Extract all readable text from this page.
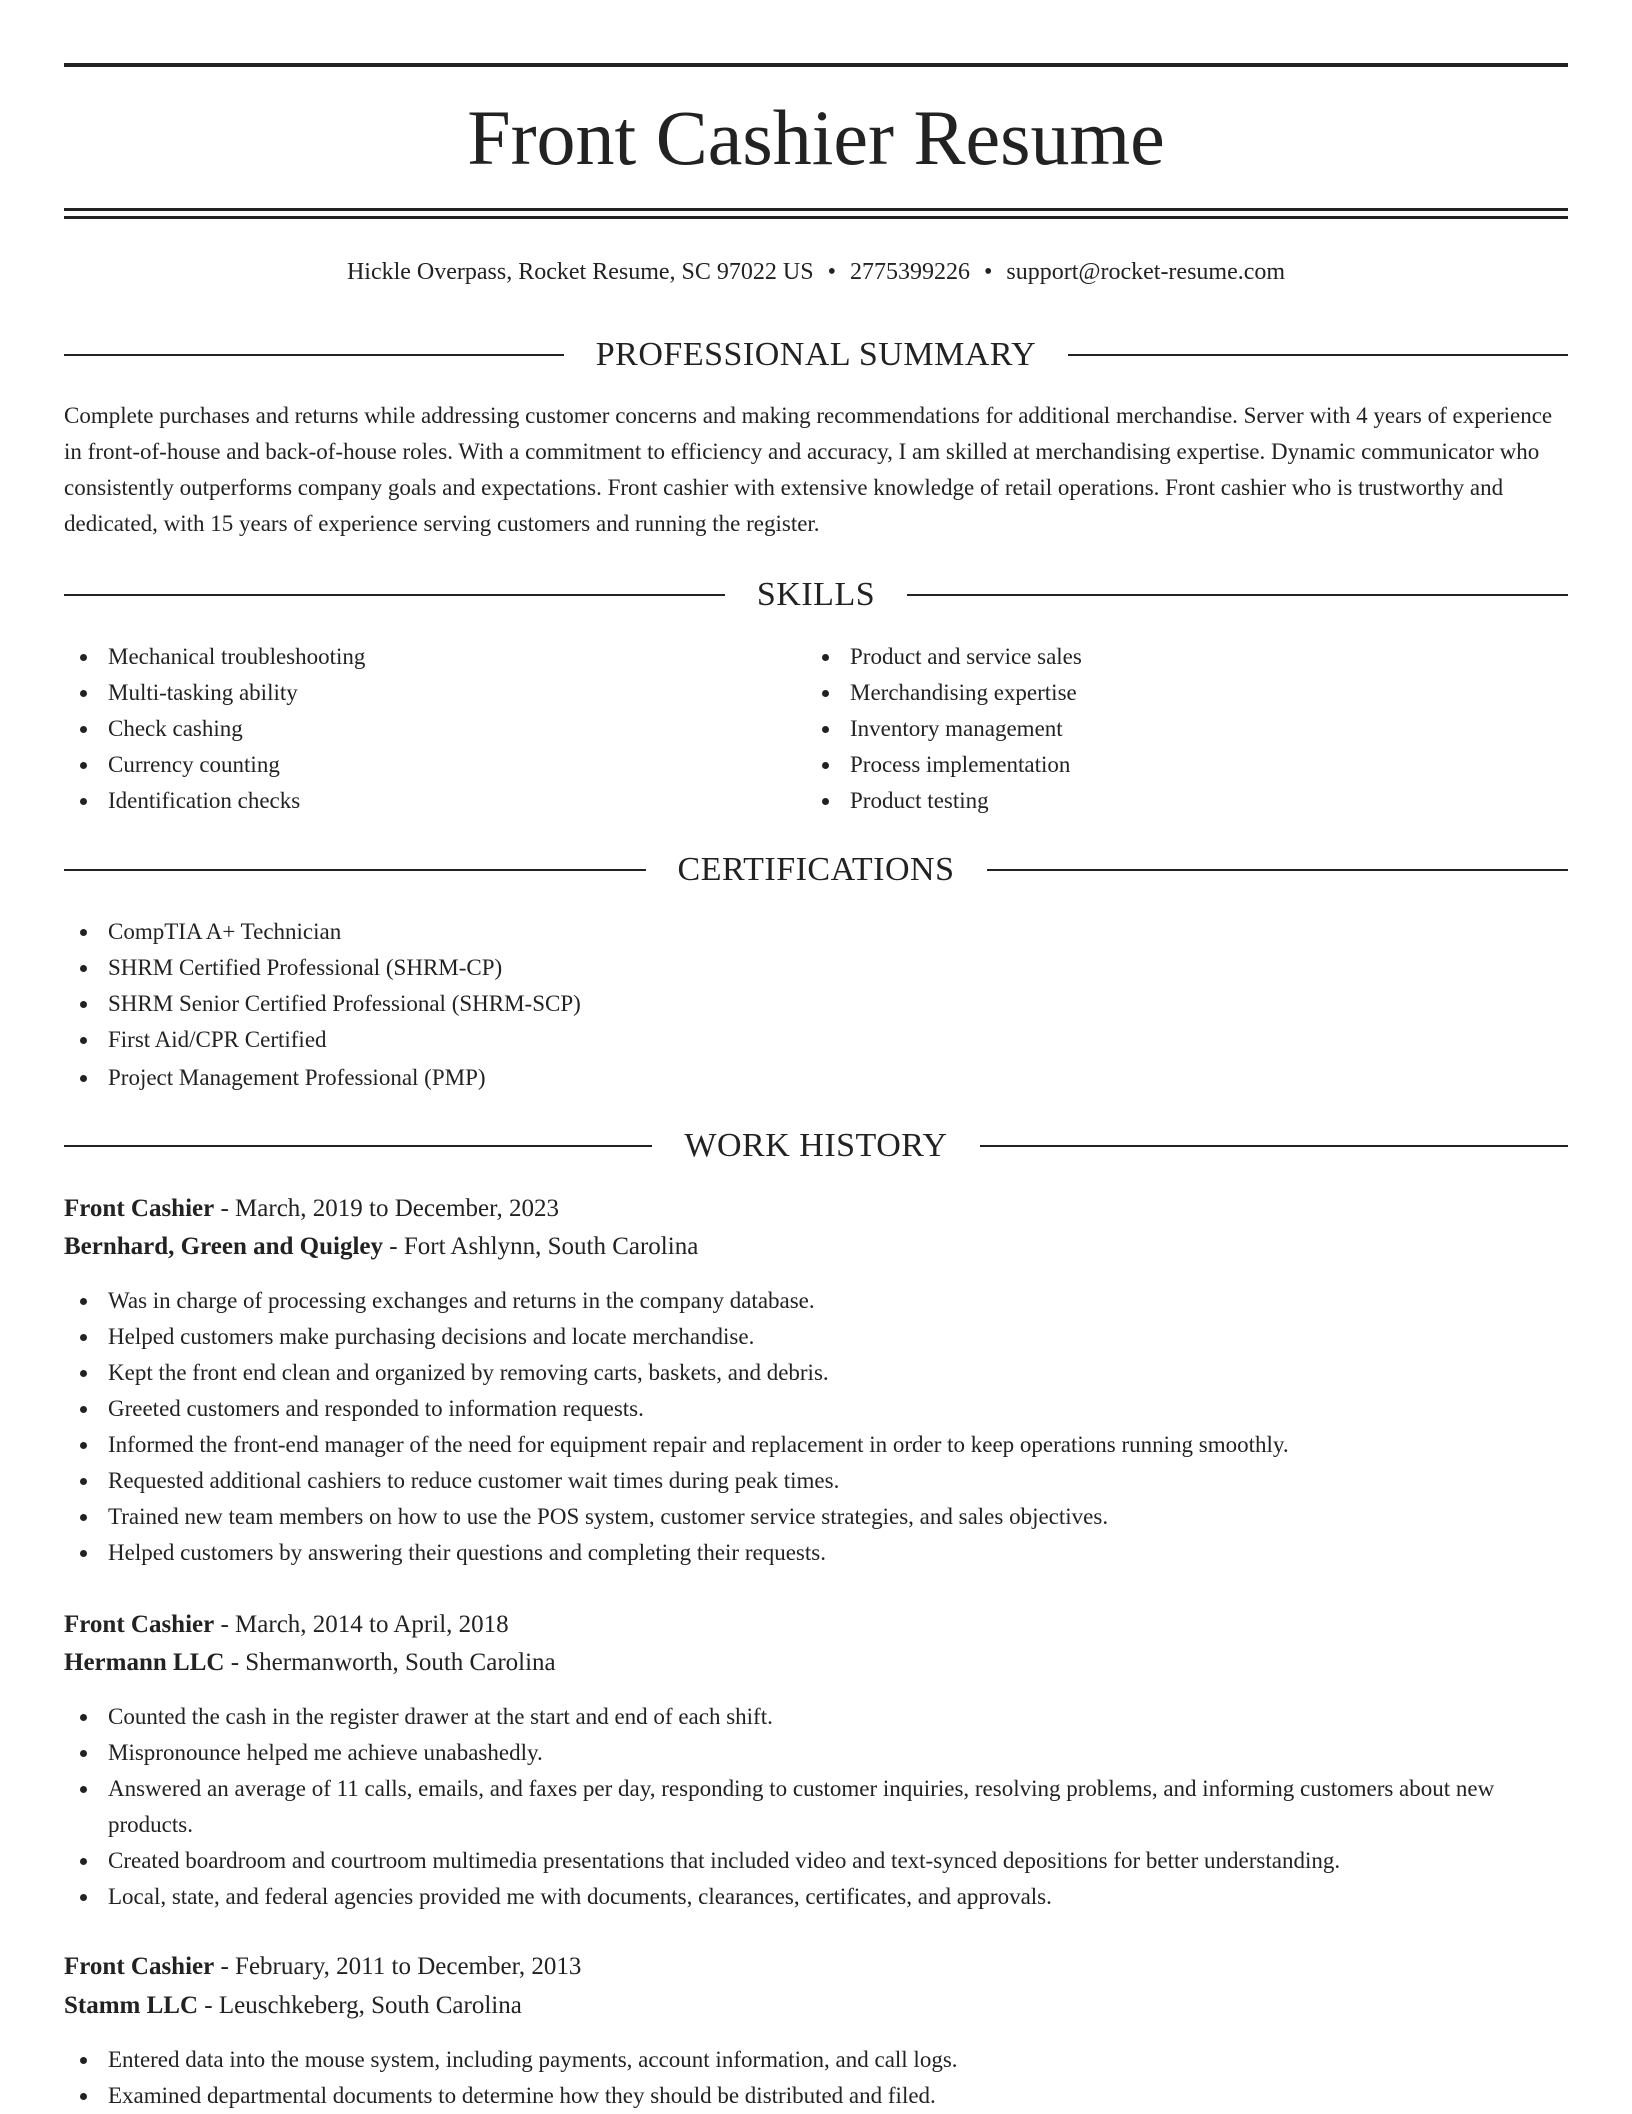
Front Cashier Resume
Hickle Overpass, Rocket Resume, SC 97022 US • 2775399226 • support@rocket-resume.com
PROFESSIONAL SUMMARY

Complete purchases and returns while addressing customer concerns and making recommendations for additional merchandise. Server with 4 years of experience in front-of-house and back-of-house roles. With a commitment to efficiency and accuracy, I am skilled at merchandising expertise. Dynamic communicator who consistently outperforms company goals and expectations. Front cashier with extensive knowledge of retail operations. Front cashier who is trustworthy and dedicated, with 15 years of experience serving customers and running the register.

SKILLS
Mechanical troubleshooting
Multi-tasking ability
Check cashing
Currency counting
Identification checks
Product and service sales
Merchandising expertise
Inventory management
Process implementation
Product testing
CERTIFICATIONS
CompTIA A+ Technician
SHRM Certified Professional (SHRM-CP)
SHRM Senior Certified Professional (SHRM-SCP)
First Aid/CPR Certified
Project Management Professional (PMP)
WORK HISTORY
Front Cashier - March, 2019 to December, 2023
Bernhard, Green and Quigley - Fort Ashlynn, South Carolina
Was in charge of processing exchanges and returns in the company database.
Helped customers make purchasing decisions and locate merchandise.
Kept the front end clean and organized by removing carts, baskets, and debris.
Greeted customers and responded to information requests.
Informed the front-end manager of the need for equipment repair and replacement in order to keep operations running smoothly.
Requested additional cashiers to reduce customer wait times during peak times.
Trained new team members on how to use the POS system, customer service strategies, and sales objectives.
Helped customers by answering their questions and completing their requests.
Front Cashier - March, 2014 to April, 2018
Hermann LLC - Shermanworth, South Carolina
Counted the cash in the register drawer at the start and end of each shift.
Mispronounce helped me achieve unabashedly.
Answered an average of 11 calls, emails, and faxes per day, responding to customer inquiries, resolving problems, and informing customers about new products.
Created boardroom and courtroom multimedia presentations that included video and text-synced depositions for better understanding.
Local, state, and federal agencies provided me with documents, clearances, certificates, and approvals.
Front Cashier - February, 2011 to December, 2013
Stamm LLC - Leuschkeberg, South Carolina
Entered data into the mouse system, including payments, account information, and call logs.
Examined departmental documents to determine how they should be distributed and filed.
